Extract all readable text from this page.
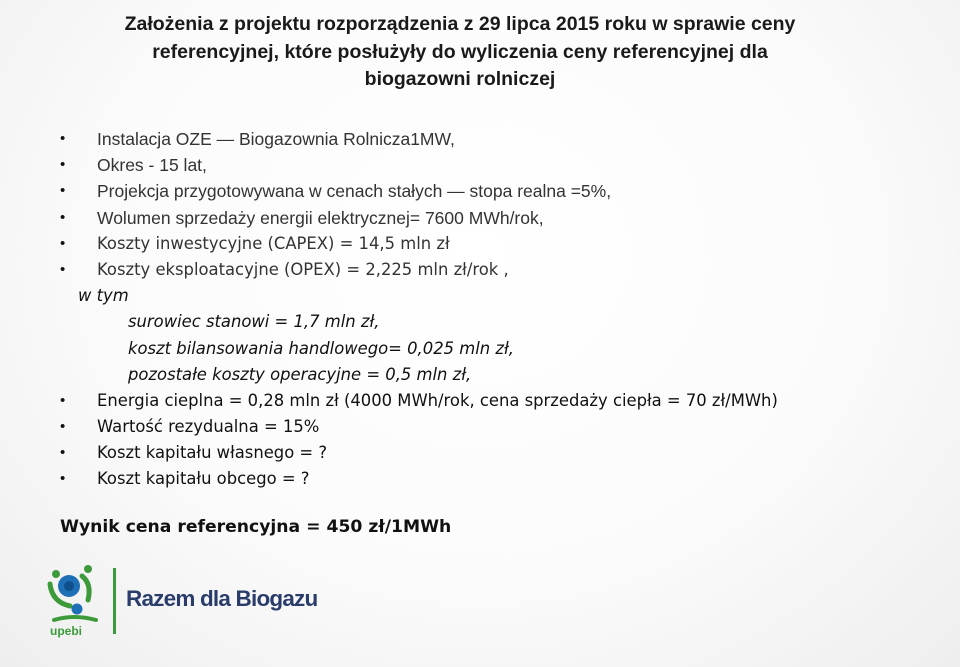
Założenia z projektu rozporządzenia z 29 lipca 2015 roku w sprawie ceny
referencyjnej, które posłużyły do wyliczenia ceny referencyjnej dla
biogazowni rolniczej
• Instalacja OZE — Biogazownia Rolnicza1MW,
• Okres - 15 lat,
• Projekcja przygotowywana w cenach stałych — stopa realna =5%,
• Wolumen sprzedaży energii elektrycznej= 7600 MWh/rok,
• Koszty inwestycyjne (CAPEX) = 14,5 mln zł
• Koszty eksploatacyjne (OPEX) = 2,225 mln zł/rok ,
w tym
surowiec stanowi = 1,7 mln zł,
koszt bilansowania handlowego= 0,025 mln zł,
pozostałe koszty operacyjne = 0,5 mln zł,
• Energia cieplna = 0,28 mln zł (4000 MWh/rok, cena sprzedaży ciepła = 70 zł/MWh)
• Wartość rezydualna = 15%
• Koszt kapitału własnego = ?
• Koszt kapitału obcego = ?
Wynik cena referencyjna = 450 zł/1MWh
upebi
Razem dla Biogazu
